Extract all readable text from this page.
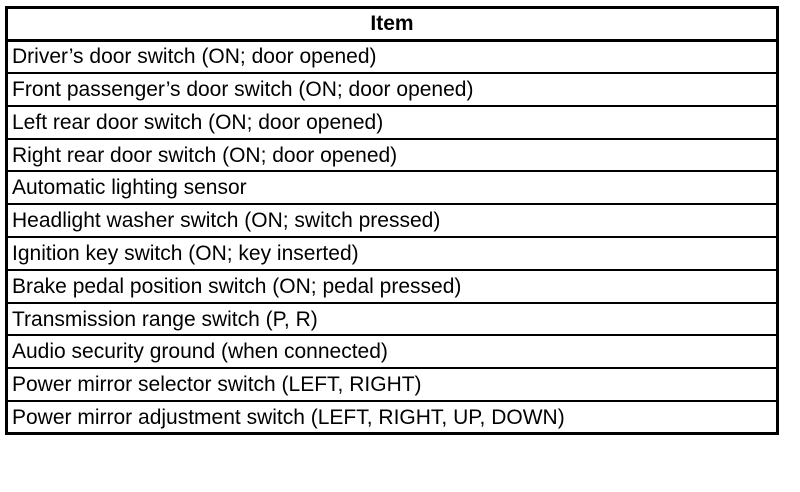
Item
Driver’s door switch (ON; door opened)
Front passenger’s door switch (ON; door opened)
Left rear door switch (ON; door opened)
Right rear door switch (ON; door opened)
Automatic lighting sensor
Headlight washer switch (ON; switch pressed)
Ignition key switch (ON; key inserted)
Brake pedal position switch (ON; pedal pressed)
Transmission range switch (P, R)
Audio security ground (when connected)
Power mirror selector switch (LEFT, RIGHT)
Power mirror adjustment switch (LEFT, RIGHT, UP, DOWN)
